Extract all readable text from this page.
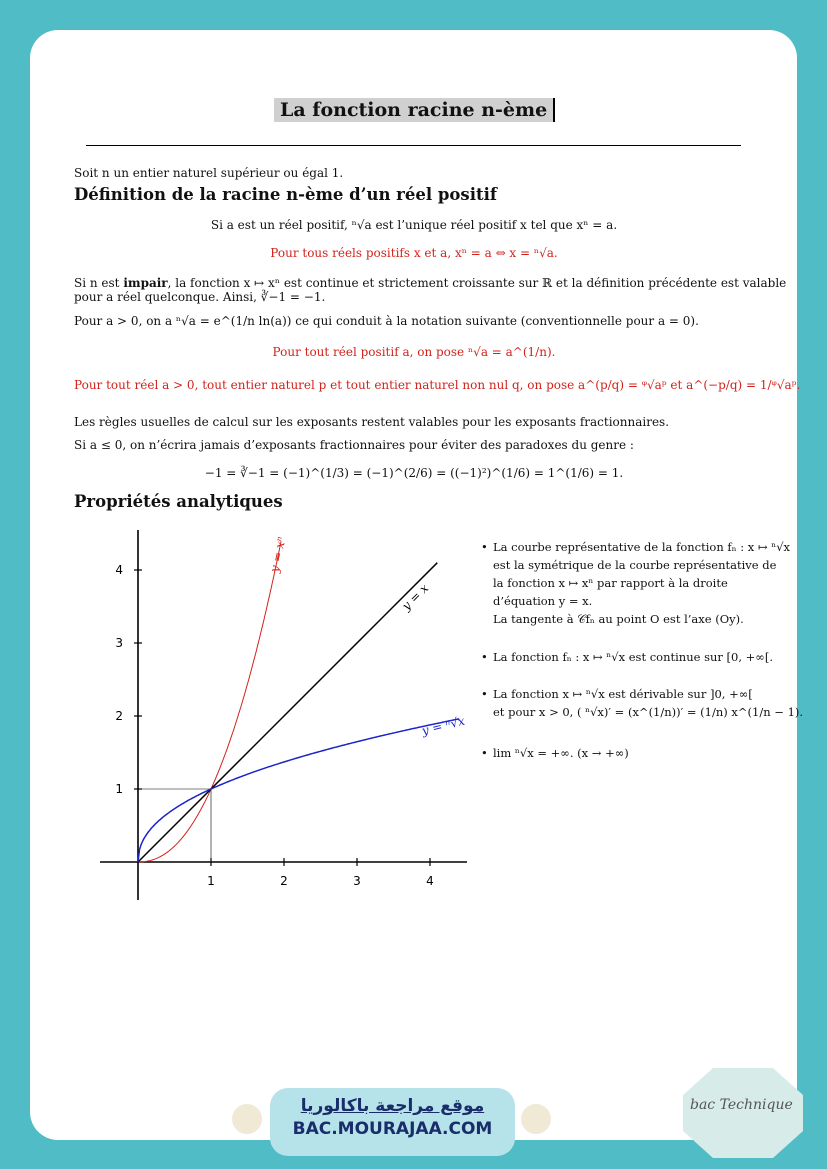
La fonction racine n-ème
Soit n un entier naturel supérieur ou égal 1.
Définition de la racine n-ème d’un réel positif
Si a est un réel positif, ⁿ√a est l’unique réel positif x tel que xⁿ = a.
Pour tous réels positifs x et a, xⁿ = a ⇔ x = ⁿ√a.
Si n est impair, la fonction x ↦ xⁿ est continue et strictement croissante sur ℝ et la définition précédente est valable
pour a réel quelconque. Ainsi, ∛−1 = −1.
Pour a > 0, on a ⁿ√a = e^(1/n ln(a)) ce qui conduit à la notation suivante (conventionnelle pour a = 0).
Pour tout réel positif a, on pose ⁿ√a = a^(1/n).
Pour tout réel a > 0, tout entier naturel p et tout entier naturel non nul q, on pose a^(p/q) = ᵠ√aᵖ et a^(−p/q) = 1/ᵠ√aᵖ.
Les règles usuelles de calcul sur les exposants restent valables pour les exposants fractionnaires.
Si a ≤ 0, on n’écrira jamais d’exposants fractionnaires pour éviter des paradoxes du genre :
−1 = ∛−1 = (−1)^(1/3) = (−1)^(2/6) = ((−1)²)^(1/6) = 1^(1/6) = 1.
Propriétés analytiques
1	2	3	4
1
2
3
4	y = xⁿ
y = x
y = ⁿ√x
• La courbe représentative de la fonction fₙ : x ↦ ⁿ√x
est la symétrique de la courbe représentative de
la fonction x ↦ xⁿ par rapport à la droite
d’équation y = x.
La tangente à 𝒞fₙ au point O est l’axe (Oy).
• La fonction fₙ : x ↦ ⁿ√x est continue sur [0, +∞[.
• La fonction x ↦ ⁿ√x est dérivable sur ]0, +∞[
et pour x > 0, ( ⁿ√x)′ = (x^(1/n))′ = (1/n) x^(1/n − 1).
• lim ⁿ√x = +∞. (x → +∞)
موقع مراجعة باكالوريا
BAC.MOURAJAA.COM
bac Technique
